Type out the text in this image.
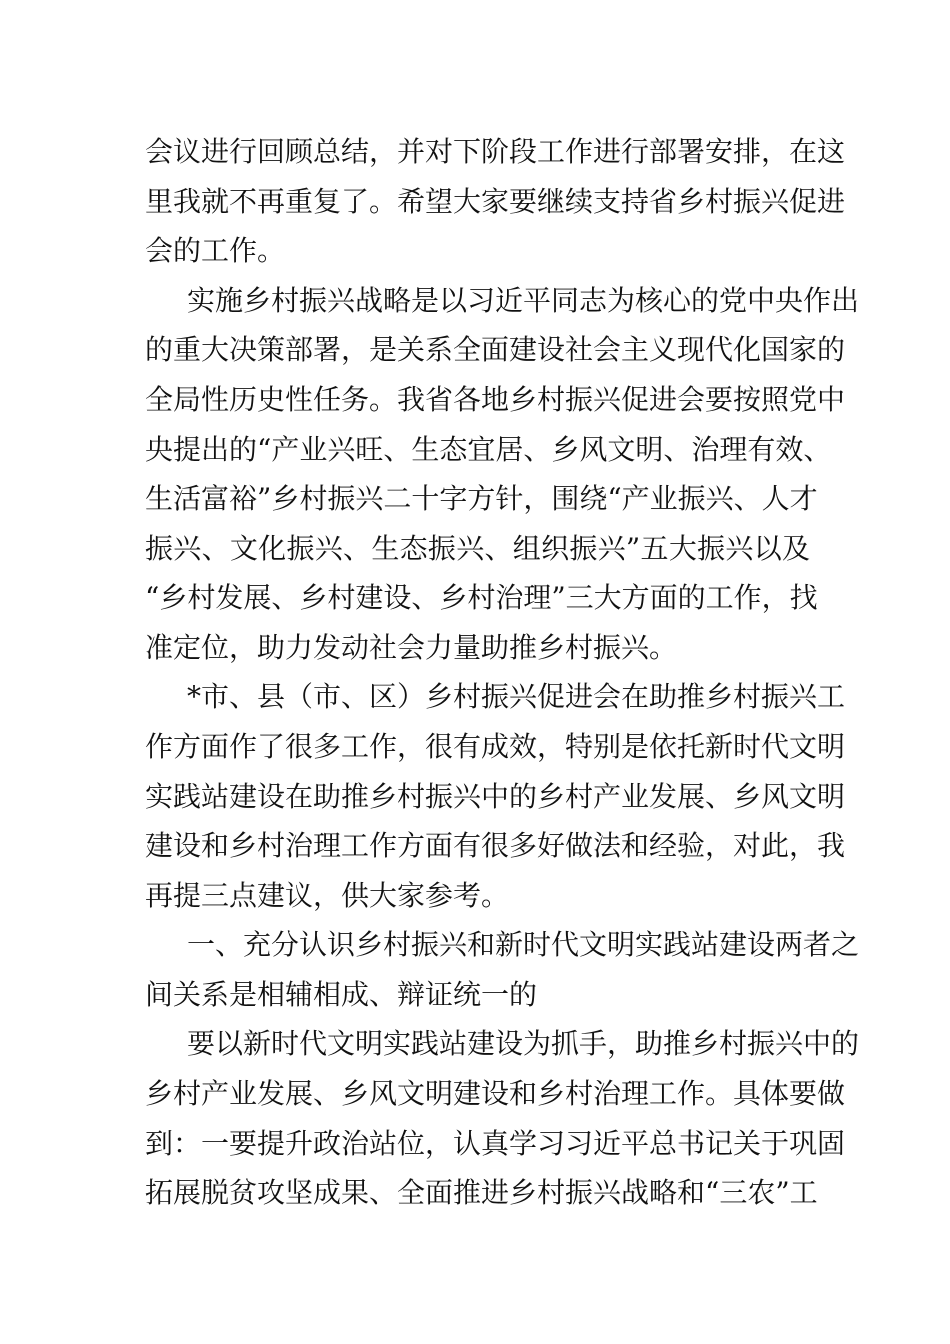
会议进行回顾总结，并对下阶段工作进行部署安排，在这
里我就不再重复了。希望大家要继续支持省乡村振兴促进
会的工作。
实施乡村振兴战略是以习近平同志为核心的党中央作出
的重大决策部署，是关系全面建设社会主义现代化国家的
全局性历史性任务。我省各地乡村振兴促进会要按照党中
央提出的“产业兴旺、生态宜居、乡风文明、治理有效、
生活富裕”乡村振兴二十字方针，围绕“产业振兴、人才
振兴、文化振兴、生态振兴、组织振兴”五大振兴以及
“乡村发展、乡村建设、乡村治理”三大方面的工作，找
准定位，助力发动社会力量助推乡村振兴。
*市、县（市、区）乡村振兴促进会在助推乡村振兴工
作方面作了很多工作，很有成效，特别是依托新时代文明
实践站建设在助推乡村振兴中的乡村产业发展、乡风文明
建设和乡村治理工作方面有很多好做法和经验，对此，我
再提三点建议，供大家参考。
一、充分认识乡村振兴和新时代文明实践站建设两者之
间关系是相辅相成、辩证统一的
要以新时代文明实践站建设为抓手，助推乡村振兴中的
乡村产业发展、乡风文明建设和乡村治理工作。具体要做
到：一要提升政治站位，认真学习习近平总书记关于巩固
拓展脱贫攻坚成果、全面推进乡村振兴战略和“三农”工
